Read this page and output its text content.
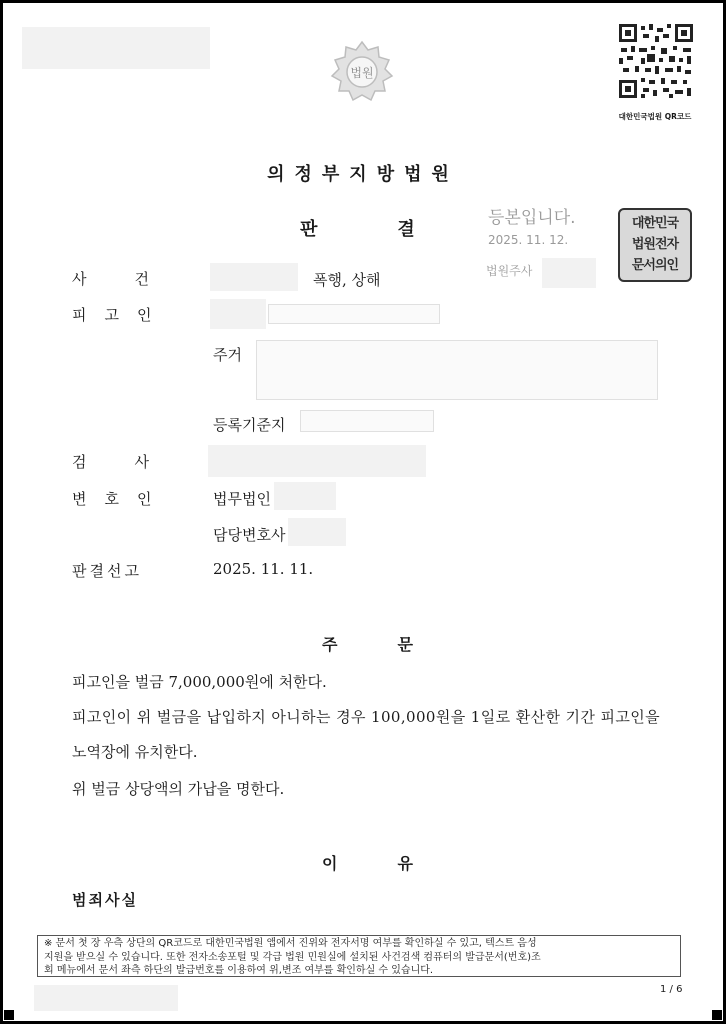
법원
대한민국법원 QR코드
의정부지방법원
판결
등본입니다.
2025. 11. 12.
법원주사
대한민국
법원전자
문서의인
사건	폭행, 상해
피고인
주거
등록기준지
검사
변호인	법무법인
담당변호사
판결선고	2025. 11. 11.
주문
피고인을 벌금 7,000,000원에 처한다.
피고인이 위 벌금을 납입하지 아니하는 경우 100,000원을 1일로 환산한 기간 피고인을
노역장에 유치한다.
위 벌금 상당액의 가납을 명한다.
이유
범죄사실
※ 문서 첫 장 우측 상단의 QR코드로 대한민국법원 앱에서 진위와 전자서명 여부를 확인하실 수 있고, 텍스트 음성
지원을 받으실 수 있습니다. 또한 전자소송포털 및 각급 법원 민원실에 설치된 사건검색 컴퓨터의 발급문서(번호)조
회 메뉴에서 문서 좌측 하단의 발급번호를 이용하여 위,변조 여부를 확인하실 수 있습니다.
1 / 6
